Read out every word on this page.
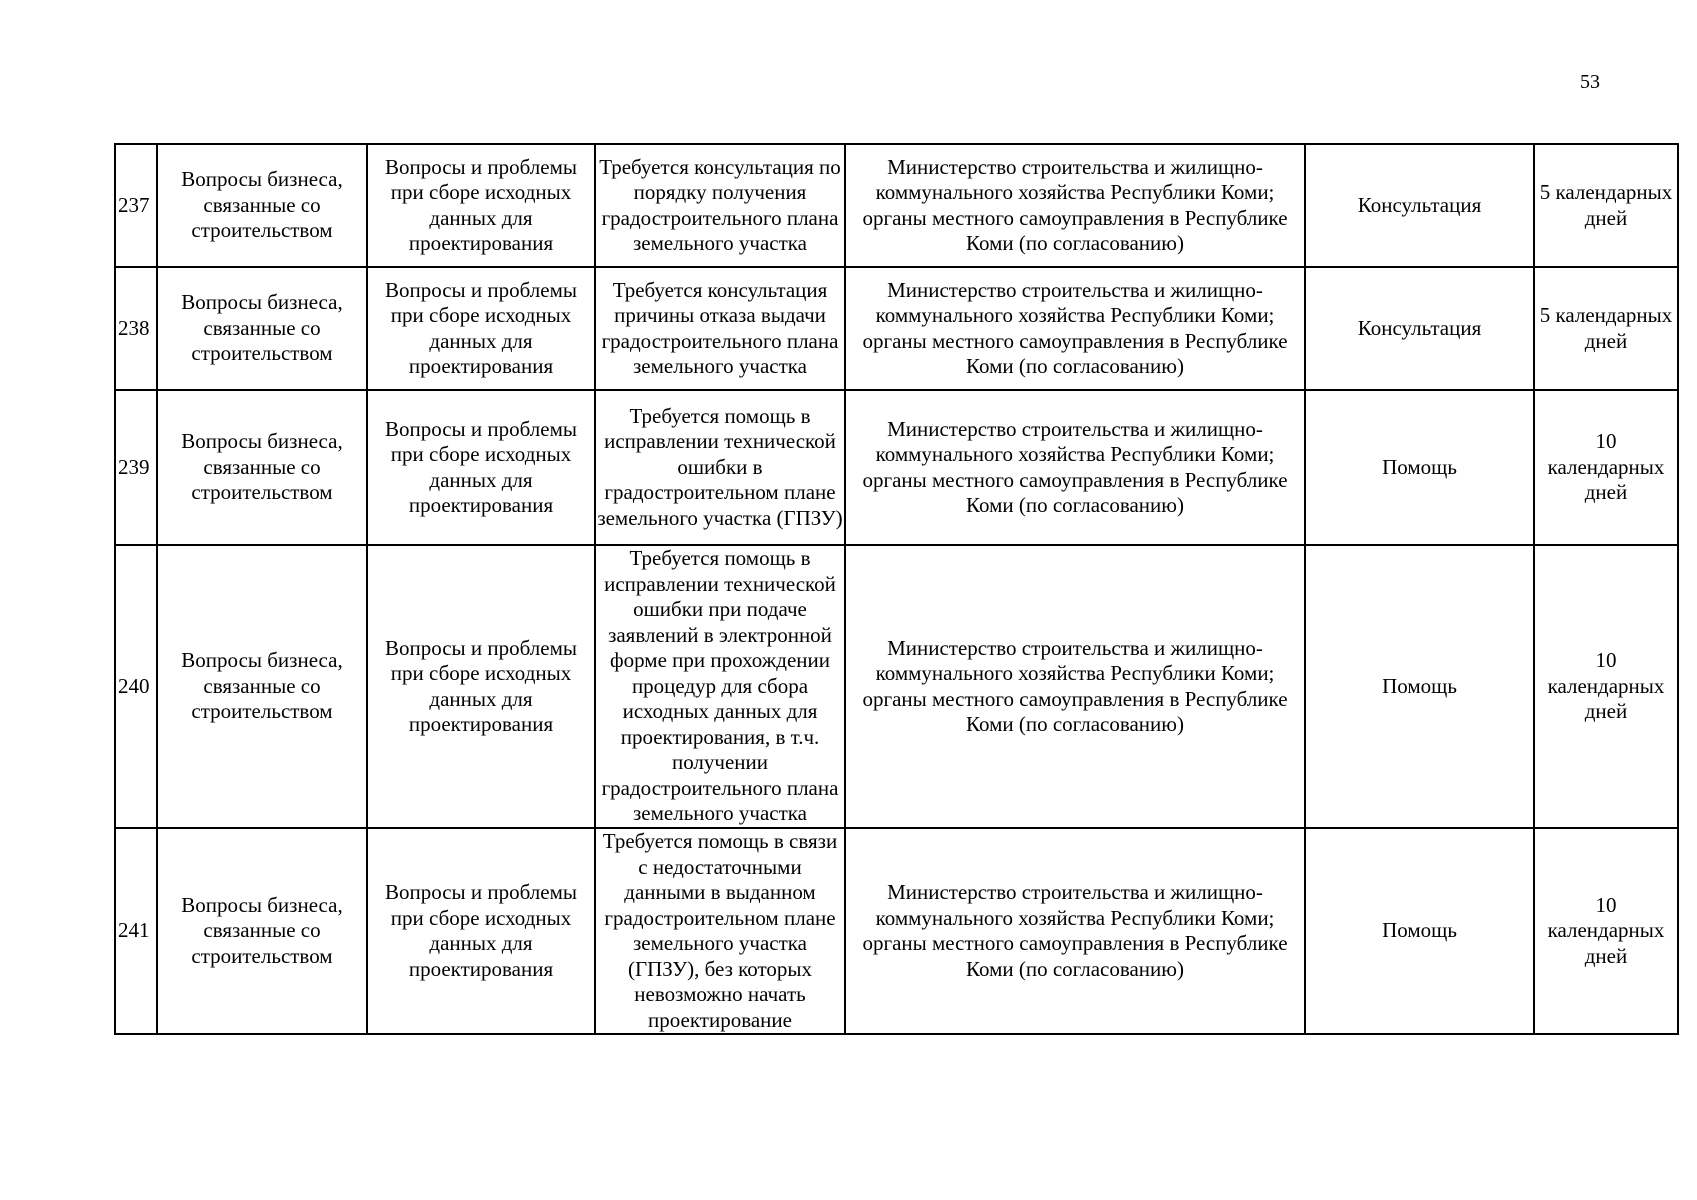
53
237	Вопросы бизнеса, связанные со строительством	Вопросы и проблемы при сборе исходных данных для проектирования	Требуется консультация по порядку получения градостроительного плана земельного участка	Министерство строительства и жилищно-коммунального хозяйства Республики Коми; органы местного самоуправления в Республике Коми (по согласованию)	Консультация	5 календарных дней
238	Вопросы бизнеса, связанные со строительством	Вопросы и проблемы при сборе исходных данных для проектирования	Требуется консультация причины отказа выдачи градостроительного плана земельного участка	Министерство строительства и жилищно-коммунального хозяйства Республики Коми; органы местного самоуправления в Республике Коми (по согласованию)	Консультация	5 календарных дней
239	Вопросы бизнеса, связанные со строительством	Вопросы и проблемы при сборе исходных данных для проектирования	Требуется помощь в исправлении технической ошибки в градостроительном плане земельного участка (ГПЗУ)	Министерство строительства и жилищно-коммунального хозяйства Республики Коми; органы местного самоуправления в Республике Коми (по согласованию)	Помощь	10 календарных дней
240	Вопросы бизнеса, связанные со строительством	Вопросы и проблемы при сборе исходных данных для проектирования	Требуется помощь в исправлении технической ошибки при подаче заявлений в электронной форме при прохождении процедур для сбора исходных данных для проектирования, в т.ч. получении градостроительного плана земельного участка	Министерство строительства и жилищно-коммунального хозяйства Республики Коми; органы местного самоуправления в Республике Коми (по согласованию)	Помощь	10 календарных дней
241	Вопросы бизнеса, связанные со строительством	Вопросы и проблемы при сборе исходных данных для проектирования	Требуется помощь в связи с недостаточными данными в выданном градостроительном плане земельного участка (ГПЗУ), без которых невозможно начать проектирование	Министерство строительства и жилищно-коммунального хозяйства Республики Коми; органы местного самоуправления в Республике Коми (по согласованию)	Помощь	10 календарных дней
